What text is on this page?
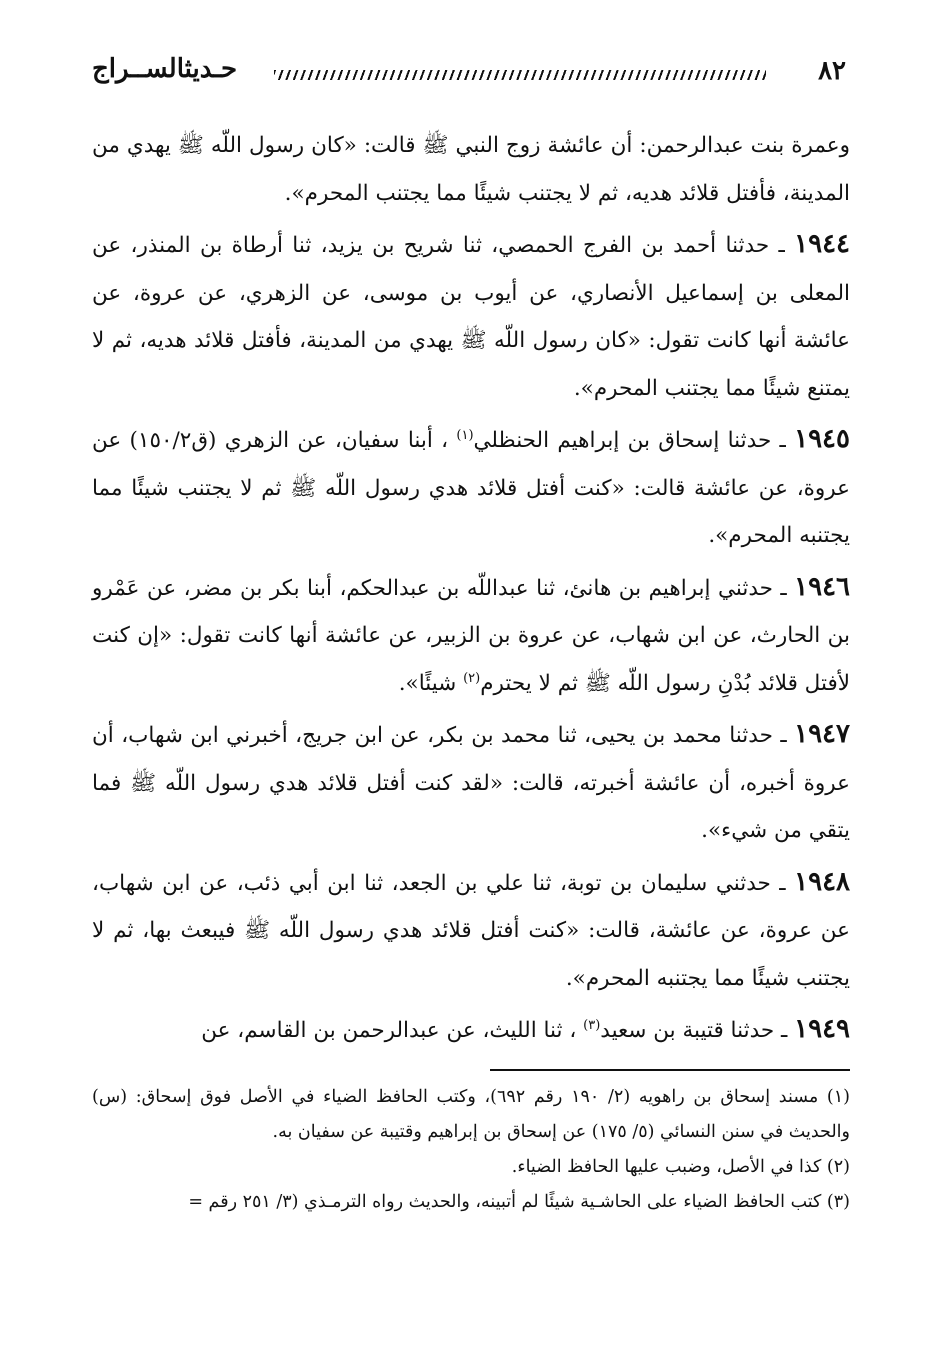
٨٢
حـديثالســراج

وعمرة بنت عبدالرحمن: أن عائشة زوج النبي ﷺ قالت: «كان رسول اللّه ﷺ يهدي من المدينة، فأفتل قلائد هديه، ثم لا يجتنب شيئًا مما يجتنب المحرم».

١٩٤٤ ـ حدثنا أحمد بن الفرج الحمصي، ثنا شريح بن يزيد، ثنا أرطاة بن المنذر، عن المعلى بن إسماعيل الأنصاري، عن أيوب بن موسى، عن الزهري، عن عروة، عن عائشة أنها كانت تقول: «كان رسول اللّه ﷺ يهدي من المدينة، فأفتل قلائد هديه، ثم لا يمتنع شيئًا مما يجتنب المحرم».

١٩٤٥ ـ حدثنا إسحاق بن إبراهيم الحنظلي$^{(١)}$ ، أبنا سفيان، عن الزهري (ق١٥٠/٢) عن عروة، عن عائشة قالت: «كنت أفتل قلائد هدي رسول اللّه ﷺ ثم لا يجتنب شيئًا مما يجتنبه المحرم».

١٩٤٦ ـ حدثني إبراهيم بن هانئ، ثنا عبداللّه بن عبدالحكم، أبنا بكر بن مضر، عن عَمْرو بن الحارث، عن ابن شهاب، عن عروة بن الزبير، عن عائشة أنها كانت تقول: «إن كنت لأفتل قلائد بُدْنِ رسول اللّه ﷺ ثم لا يحترم$^{(٢)}$ شيئًا».

١٩٤٧ ـ حدثنا محمد بن يحيى، ثنا محمد بن بكر، عن ابن جريج، أخبرني ابن شهاب، أن عروة أخبره، أن عائشة أخبرته، قالت: «لقد كنت أفتل قلائد هدي رسول اللّه ﷺ فما يتقي من شيء».

١٩٤٨ ـ حدثني سليمان بن توبة، ثنا علي بن الجعد، ثنا ابن أبي ذئب، عن ابن شهاب، عن عروة، عن عائشة، قالت: «كنت أفتل قلائد هدي رسول اللّه ﷺ فيبعث بها، ثم لا يجتنب شيئًا مما يجتنبه المحرم».

١٩٤٩ ـ حدثنا قتيبة بن سعيد$^{(٣)}$ ، ثنا الليث، عن عبدالرحمن بن القاسم، عن

(١) مسند إسحاق بن راهويه (٢/ ١٩٠ رقم ٦٩٢)، وكتب الحافظ الضياء في الأصل فوق إسحاق: (س) والحديث في سنن النسائي (٥/ ١٧٥) عن إسحاق بن إبراهيم وقتيبة عن سفيان به.

(٢) كذا في الأصل، وضبب عليها الحافظ الضياء.

(٣) كتب الحافظ الضياء على الحاشـية شيئًا لم أتبينه، والحديث رواه الترمـذي (٣/ ٢٥١ رقم =
